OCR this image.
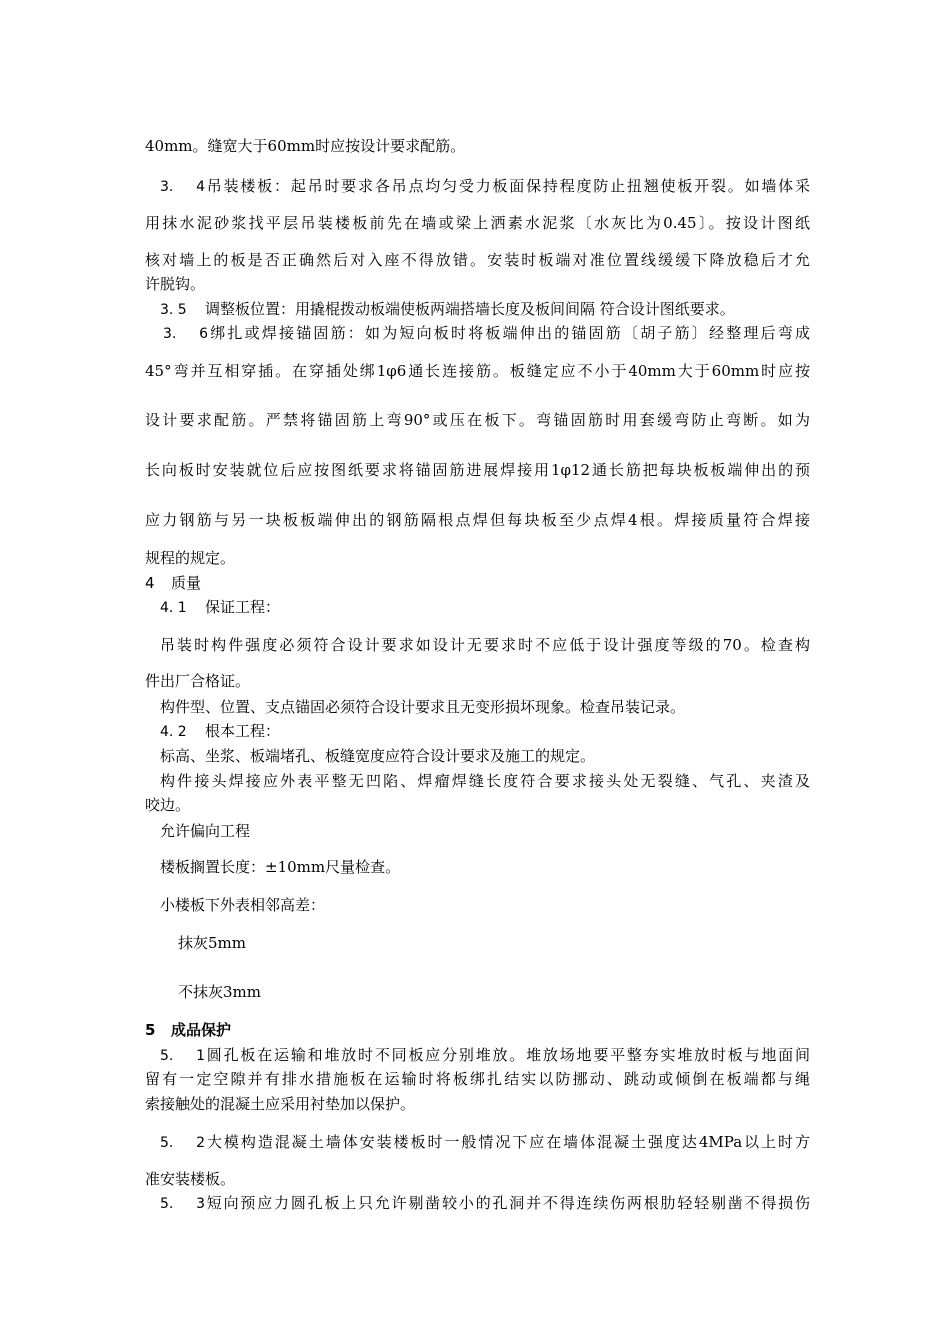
40mm。缝宽大于60mm时应按设计要求配筋。
3. 4吊装楼板：起吊时要求各吊点均匀受力板面保持程度防止扭翘使板开裂。如墙体采
用抹水泥砂浆找平层吊装楼板前先在墙或梁上洒素水泥浆〔水灰比为0.45〕。按设计图纸
核对墙上的板是否正确然后对入座不得放错。安装时板端对准位置线缓缓下降放稳后才允
许脱钩。
3. 5 调整板位置：用撬棍拨动板端使板两端搭墙长度及板间间隔 符合设计图纸要求。
3. 6绑扎或焊接锚固筋：如为短向板时将板端伸出的锚固筋〔胡子筋〕经整理后弯成
45°弯并互相穿插。在穿插处绑1φ6通长连接筋。板缝定应不小于40mm大于60mm时应按
设计要求配筋。严禁将锚固筋上弯90°或压在板下。弯锚固筋时用套缓弯防止弯断。如为
长向板时安装就位后应按图纸要求将锚固筋进展焊接用1φ12通长筋把每块板板端伸出的预
应力钢筋与另一块板板端伸出的钢筋隔根点焊但每块板至少点焊4根。焊接质量符合焊接
规程的规定。
4 质量
4. 1 保证工程：
吊装时构件强度必须符合设计要求如设计无要求时不应低于设计强度等级的70。检查构
件出厂合格证。
构件型、位置、支点锚固必须符合设计要求且无变形损坏现象。检查吊装记录。
4. 2 根本工程：
标高、坐浆、板端堵孔、板缝宽度应符合设计要求及施工的规定。
构件接头焊接应外表平整无凹陷、焊瘤焊缝长度符合要求接头处无裂缝、气孔、夹渣及
咬边。
允许偏向工程
楼板搁置长度：±10mm尺量检查。
小楼板下外表相邻高差：
抹灰5mm
不抹灰3mm
5 成品保护
5. 1圆孔板在运输和堆放时不同板应分别堆放。堆放场地要平整夯实堆放时板与地面间
留有一定空隙并有排水措施板在运输时将板绑扎结实以防挪动、跳动或倾倒在板端都与绳
索接触处的混凝土应采用衬垫加以保护。
5. 2大模构造混凝土墙体安装楼板时一般情况下应在墙体混凝土强度达4MPa以上时方
准安装楼板。
5. 3短向预应力圆孔板上只允许剔凿较小的孔洞并不得连续伤两根肋轻轻剔凿不得损伤
